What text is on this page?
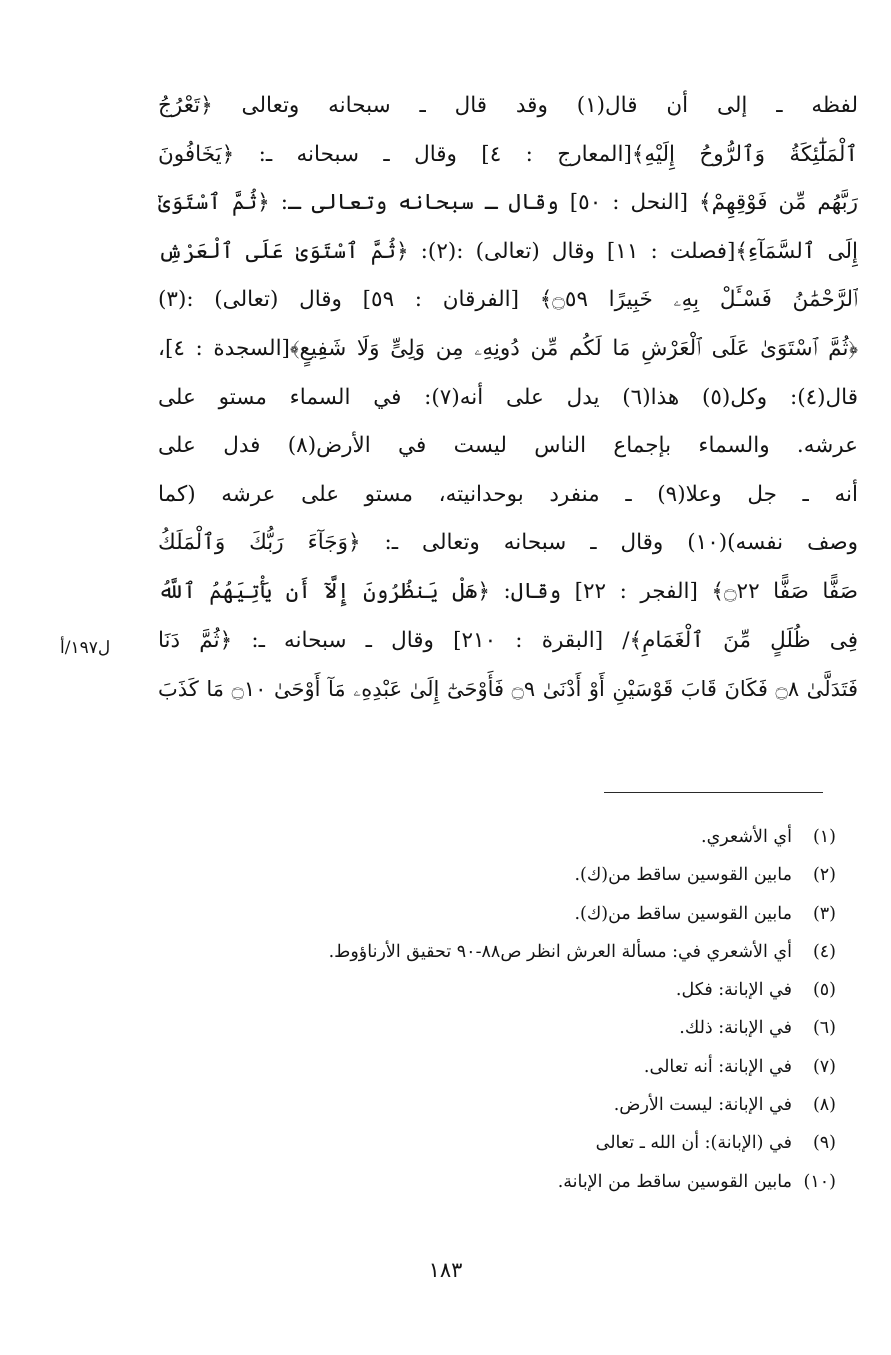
لفظه ـ إلى أن قال(١) وقد قال ـ سبحانه وتعالى ﴿تَعْرُجُ
ٱلْمَلَٰٓئِكَةُ وَٱلرُّوحُ إِلَيْهِ﴾[المعارج : ٤] وقال ـ سبحانه ـ: ﴿يَخَافُونَ
رَبَّهُم مِّن فَوْقِهِمْ﴾ [النحل : ٥٠] وقال ـ سبحانه وتعالى ـ: ﴿ثُمَّ ٱسْتَوَىٰٓ
إِلَى ٱلسَّمَآءِ﴾[فصلت : ١١] وقال (تعالى) :(٢): ﴿ثُمَّ ٱسْتَوَىٰ عَلَى ٱلْعَرْشِ
ٱلرَّحْمَٰنُ فَسْـَٔلْ بِهِۦ خَبِيرًا ۝٥٩﴾ [الفرقان : ٥٩] وقال (تعالى) :(٣)
﴿ثُمَّ ٱسْتَوَىٰ عَلَى ٱلْعَرْشِ مَا لَكُم مِّن دُونِهِۦ مِن وَلِىٍّ وَلَا شَفِيعٍ﴾[السجدة : ٤]،
قال(٤): وكل(٥) هذا(٦) يدل على أنه(٧): في السماء مستو على
عرشه. والسماء بإجماع الناس ليست في الأرض(٨) فدل على
أنه ـ جل وعلا(٩) ـ منفرد بوحدانيته، مستو على عرشه (كما
وصف نفسه)(١٠) وقال ـ سبحانه وتعالى ـ: ﴿وَجَآءَ رَبُّكَ وَٱلْمَلَكُ
صَفًّا صَفًّا ۝٢٢﴾ [الفجر : ٢٢] وقال: ﴿هَلْ يَنظُرُونَ إِلَّآ أَن يَأْتِيَهُمُ ٱللَّهُ
فِى ظُلَلٍ مِّنَ ٱلْغَمَامِ﴾/ [البقرة : ٢١٠] وقال ـ سبحانه ـ: ﴿ثُمَّ دَنَا
فَتَدَلَّىٰ ۝٨ فَكَانَ قَابَ قَوْسَيْنِ أَوْ أَدْنَىٰ ۝٩ فَأَوْحَىٰٓ إِلَىٰ عَبْدِهِۦ مَآ أَوْحَىٰ ۝١٠ مَا كَذَبَ
ل١٩٧/أ
(١)
أي الأشعري.
(٢)
مابين القوسين ساقط من(ك).
(٣)
مابين القوسين ساقط من(ك).
(٤)
أي الأشعري في: مسألة العرش انظر ص٨٨-٩٠ تحقيق الأرناؤوط.
(٥)
في الإبانة: فكل.
(٦)
في الإبانة: ذلك.
(٧)
في الإبانة: أنه تعالى.
(٨)
في الإبانة: ليست الأرض.
(٩)
في (الإبانة): أن الله ـ تعالى
(١٠)
مابين القوسين ساقط من الإبانة.
١٨٣
